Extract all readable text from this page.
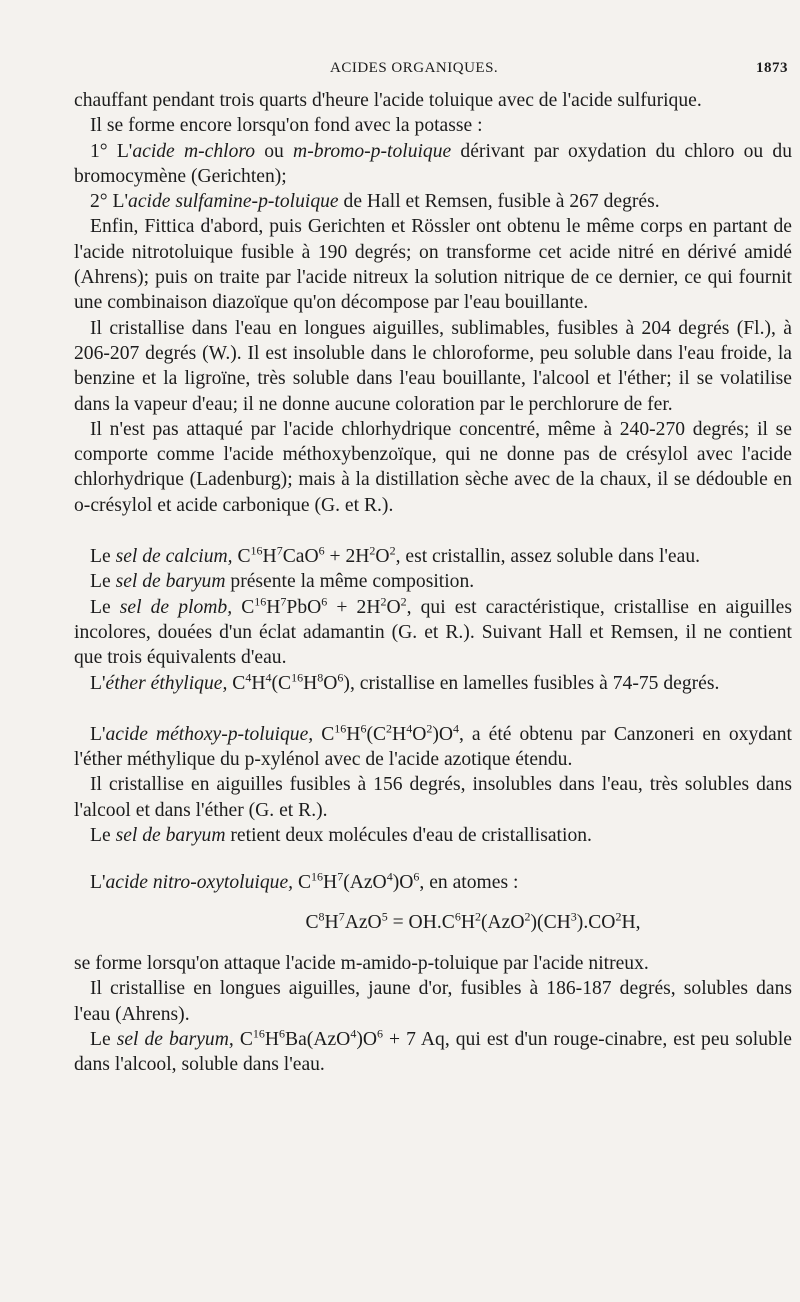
ACIDES ORGANIQUES.	1873

chauffant pendant trois quarts d'heure l'acide toluique avec de l'acide sulfurique.

Il se forme encore lorsqu'on fond avec la potasse :

1° L'acide m-chloro ou m-bromo-p-toluique dérivant par oxydation du chloro ou du bromocymène (Gerichten);

2° L'acide sulfamine-p-toluique de Hall et Remsen, fusible à 267 degrés.

Enfin, Fittica d'abord, puis Gerichten et Rössler ont obtenu le même corps en partant de l'acide nitrotoluique fusible à 190 degrés; on transforme cet acide nitré en dérivé amidé (Ahrens); puis on traite par l'acide nitreux la solution nitrique de ce dernier, ce qui fournit une combinaison diazoïque qu'on décompose par l'eau bouillante.

Il cristallise dans l'eau en longues aiguilles, sublimables, fusibles à 204 degrés (Fl.), à 206-207 degrés (W.). Il est insoluble dans le chloroforme, peu soluble dans l'eau froide, la benzine et la ligroïne, très soluble dans l'eau bouillante, l'alcool et l'éther; il se volatilise dans la vapeur d'eau; il ne donne aucune coloration par le perchlorure de fer.

Il n'est pas attaqué par l'acide chlorhydrique concentré, même à 240-270 degrés; il se comporte comme l'acide méthoxybenzoïque, qui ne donne pas de crésylol avec l'acide chlorhydrique (Ladenburg); mais à la distillation sèche avec de la chaux, il se dédouble en o-crésylol et acide carbonique (G. et R.).

Le sel de calcium, $C^{16}H^7CaO^6 + 2H^2O^2$, est cristallin, assez soluble dans l'eau.

Le sel de baryum présente la même composition.

Le sel de plomb, $C^{16}H^7PbO^6 + 2H^2O^2$, qui est caractéristique, cristallise en aiguilles incolores, douées d'un éclat adamantin (G. et R.). Suivant Hall et Remsen, il ne contient que trois équivalents d'eau.

L'éther éthylique, $C^4H^4(C^{16}H^8O^6)$, cristallise en lamelles fusibles à 74-75 degrés.

L'acide méthoxy-p-toluique, $C^{16}H^6(C^2H^4O^2)O^4$, a été obtenu par Canzoneri en oxydant l'éther méthylique du p-xylénol avec de l'acide azotique étendu.

Il cristallise en aiguilles fusibles à 156 degrés, insolubles dans l'eau, très solubles dans l'alcool et dans l'éther (G. et R.).

Le sel de baryum retient deux molécules d'eau de cristallisation.

L'acide nitro-oxytoluique, $C^{16}H^7(AzO^4)O^6$, en atomes :

$C^8H^7AzO^5 = OH.C^6H^2(AzO^2)(CH^3).CO^2H$,

se forme lorsqu'on attaque l'acide m-amido-p-toluique par l'acide nitreux.

Il cristallise en longues aiguilles, jaune d'or, fusibles à 186-187 degrés, solubles dans l'eau (Ahrens).

Le sel de baryum, $C^{16}H^6Ba(AzO^4)O^6 + 7$ Aq, qui est d'un rouge-cinabre, est peu soluble dans l'alcool, soluble dans l'eau.
